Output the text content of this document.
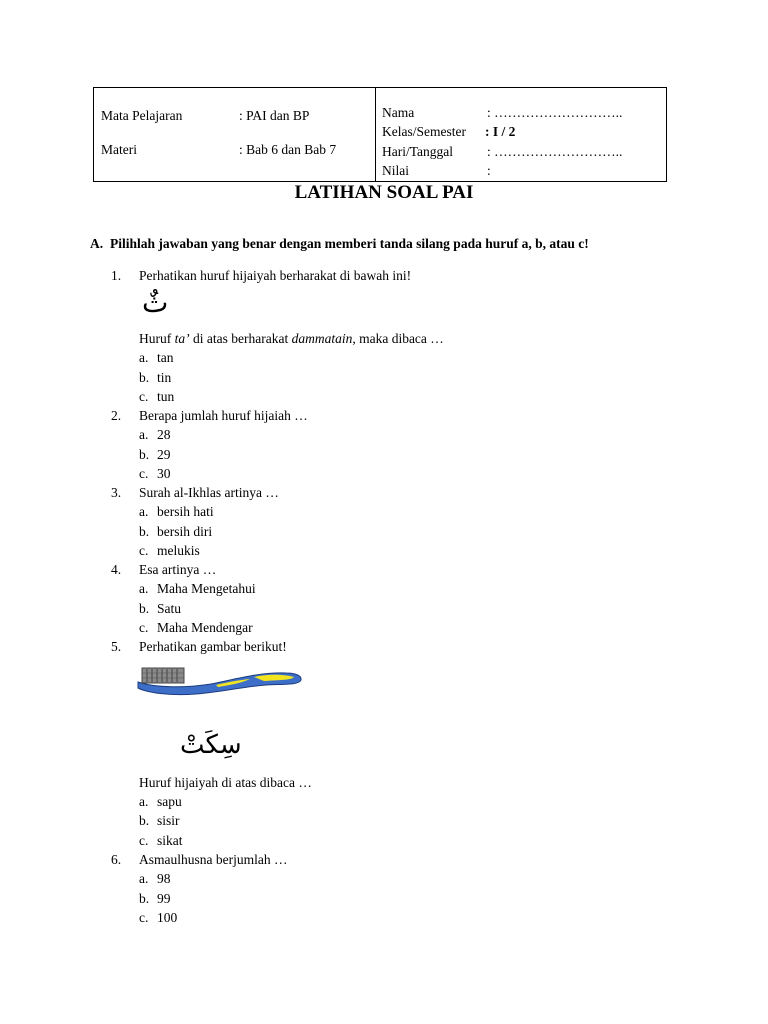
Mata Pelajaran	: PAI dan BP
Materi	: Bab 6 dan Bab 7
Nama	: ………………………..
Kelas/Semester : I / 2
Hari/Tanggal	: ………………………..
Nilai	:
LATIHAN SOAL PAI
A. Pilihlah jawaban yang benar dengan memberi tanda silang pada huruf a, b, atau c!
1. Perhatikan huruf hijaiyah berharakat di bawah ini!
ثٌ
Huruf ta’ di atas berharakat dammatain, maka dibaca …
a. tan
b. tin
c. tun
2. Berapa jumlah huruf hijaiah …
a. 28
b. 29
c. 30
3. Surah al-Ikhlas artinya …
a. bersih hati
b. bersih diri
c. melukis
4. Esa artinya …
a. Maha Mengetahui
b. Satu
c. Maha Mendengar
5. Perhatikan gambar berikut!
سِكَتْ
Huruf hijaiyah di atas dibaca …
a. sapu
b. sisir
c. sikat
6. Asmaulhusna berjumlah …
a. 98
b. 99
c. 100
